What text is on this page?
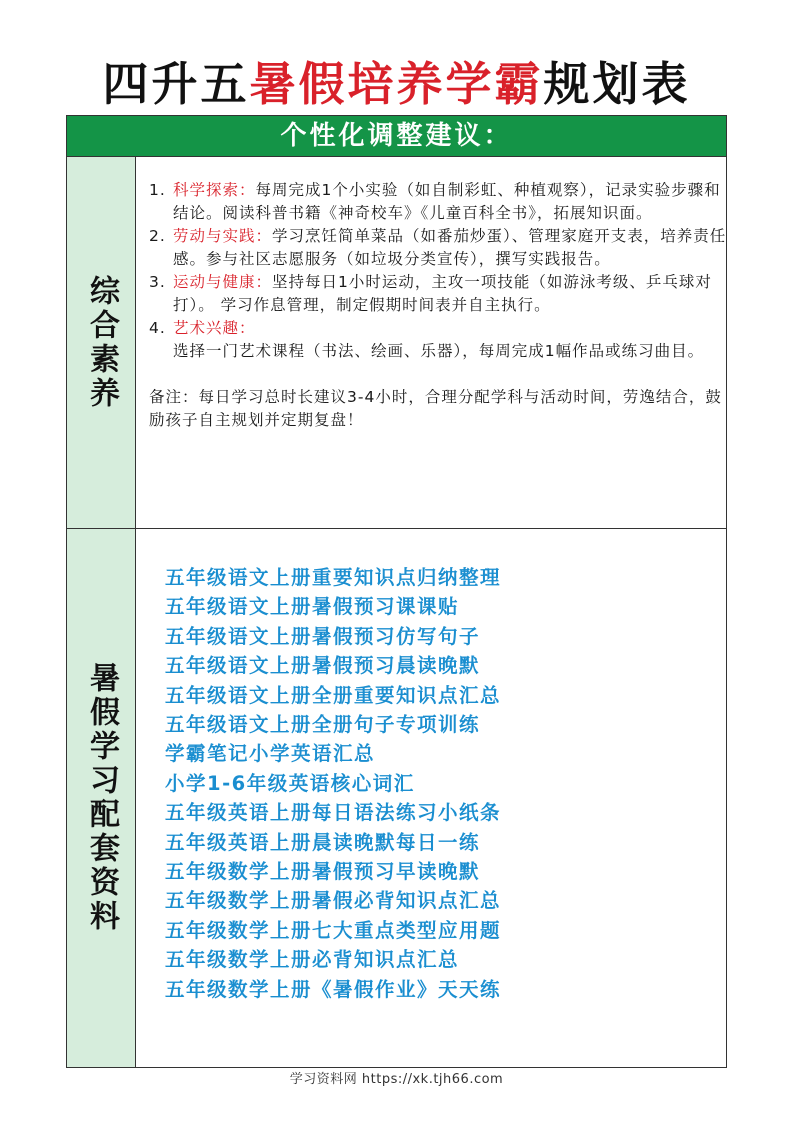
四升五暑假培养学霸规划表
个性化调整建议：
综合素养
1. 科学探索：每周完成1个小实验（如自制彩虹、种植观察），记录实验步骤和结论。阅读科普书籍《神奇校车》《儿童百科全书》，拓展知识面。
2. 劳动与实践：学习烹饪简单菜品（如番茄炒蛋）、管理家庭开支表，培养责任感。参与社区志愿服务（如垃圾分类宣传），撰写实践报告。
3. 运动与健康：坚持每日1小时运动，主攻一项技能（如游泳考级、乒乓球对打）。 学习作息管理，制定假期时间表并自主执行。
4. 艺术兴趣：
选择一门艺术课程（书法、绘画、乐器），每周完成1幅作品或练习曲目。
备注：每日学习总时长建议3-4小时，合理分配学科与活动时间，劳逸结合，鼓励孩子自主规划并定期复盘！
暑假学习配套资料
五年级语文上册重要知识点归纳整理
五年级语文上册暑假预习课课贴
五年级语文上册暑假预习仿写句子
五年级语文上册暑假预习晨读晚默
五年级语文上册全册重要知识点汇总
五年级语文上册全册句子专项训练
学霸笔记小学英语汇总
小学1-6年级英语核心词汇
五年级英语上册每日语法练习小纸条
五年级英语上册晨读晚默每日一练
五年级数学上册暑假预习早读晚默
五年级数学上册暑假必背知识点汇总
五年级数学上册七大重点类型应用题
五年级数学上册必背知识点汇总
五年级数学上册《暑假作业》天天练
学习资料网 https://xk.tjh66.com
